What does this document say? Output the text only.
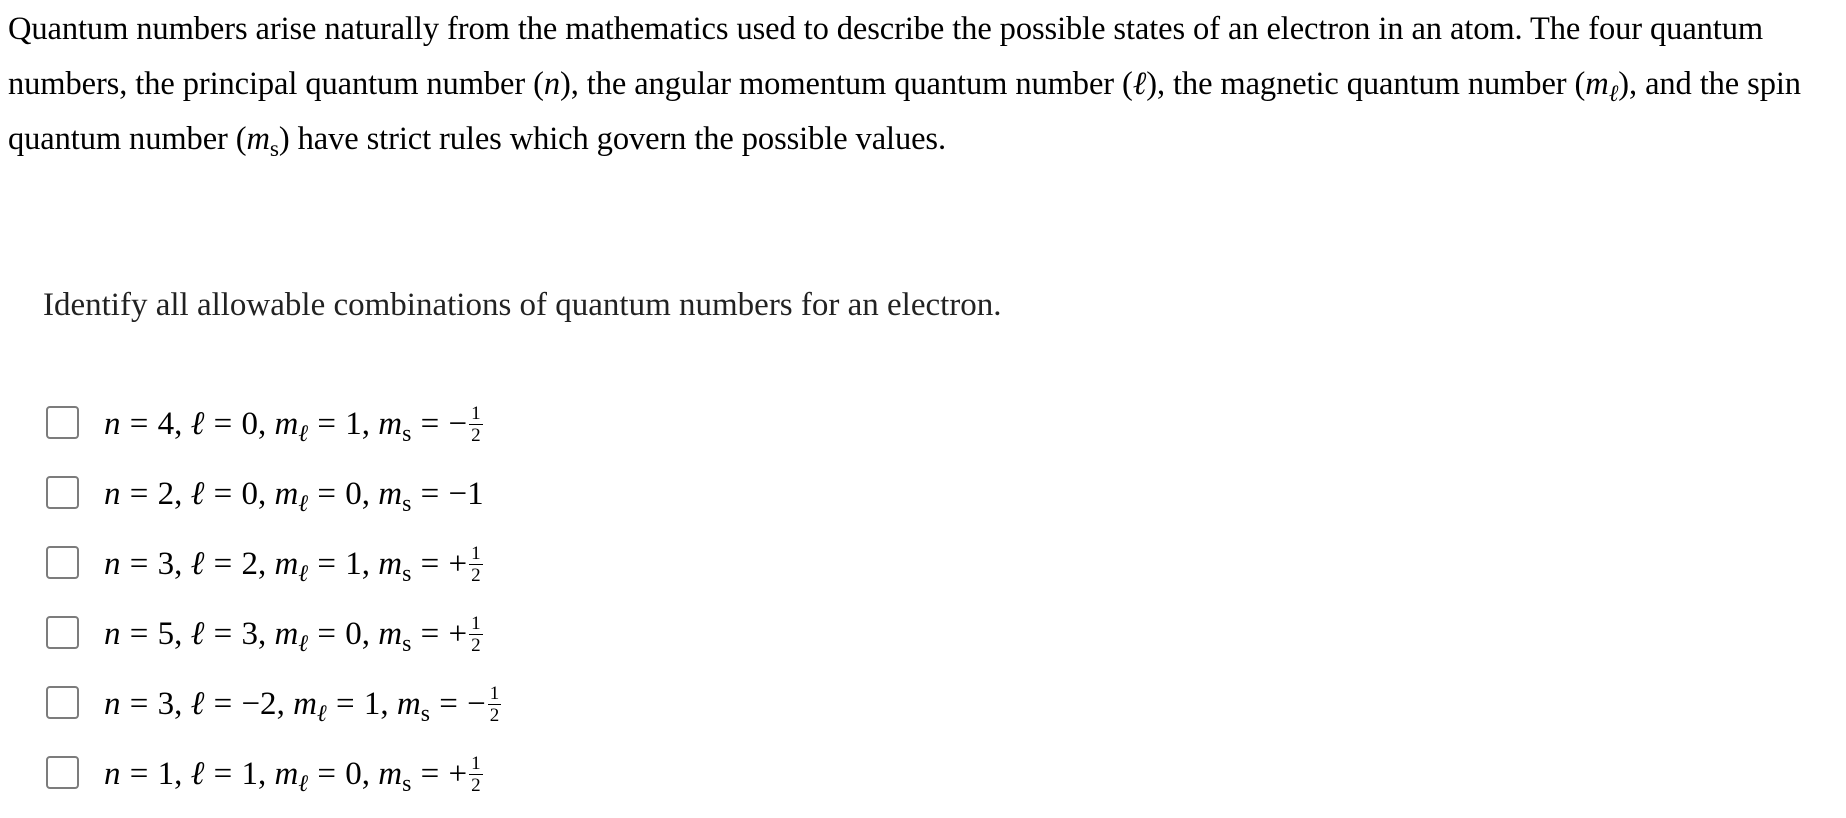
Quantum numbers arise naturally from the mathematics used to describe the possible states of an electron in an atom. The four quantum numbers, the principal quantum number (n), the angular momentum quantum number (ℓ), the magnetic quantum number $(m_\ell)$, and the spin quantum number $(m_s)$ have strict rules which govern the possible values.
Identify all allowable combinations of quantum numbers for an electron.
n = 4, ℓ = 0, $m_\ell = 1$, $m_s$ = − $\frac{1}{2}$
n = 2, ℓ = 0, $m_\ell = 0$, $m_s = -1$
n = 3, ℓ = 2, $m_\ell = 1$, $m_s$ = + $\frac{1}{2}$
n = 5, ℓ = 3, $m_\ell = 0$, $m_s$ = + $\frac{1}{2}$
n = 3, ℓ = −2, $m_\ell = 1$, $m_s$ = − $\frac{1}{2}$
n = 1, ℓ = 1, $m_\ell = 0$, $m_s$ = + $\frac{1}{2}$
